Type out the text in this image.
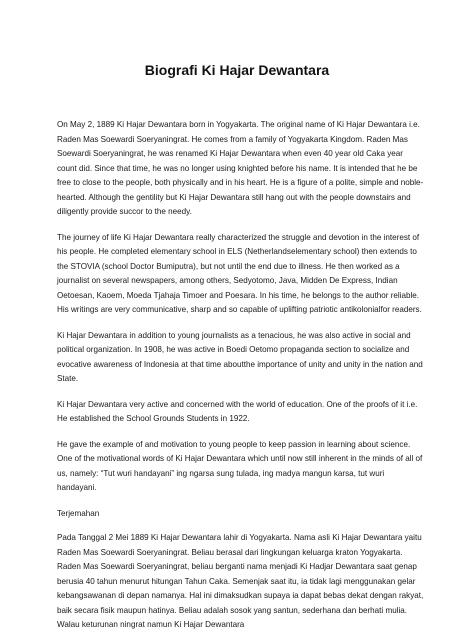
Biografi Ki Hajar Dewantara

On May 2, 1889 Ki Hajar Dewantara born in Yogyakarta. The original name of Ki Hajar Dewantara i.e. Raden Mas Soewardi Soeryaningrat. He comes from a family of Yogyakarta Kingdom. Raden Mas Soewardi Soeryaningrat, he was renamed Ki Hajar Dewantara when even 40 year old Caka year count did. Since that time, he was no longer using knighted before his name. It is intended that he be free to close to the people, both physically and in his heart. He is a figure of a polite, simple and noble-hearted. Although the gentility but Ki Hajar Dewantara still hang out with the people downstairs and diligently provide succor to the needy.

The journey of life Ki Hajar Dewantara really characterized the struggle and devotion in the interest of his people. He completed elementary school in ELS (Netherlandselementary school) then extends to the STOVIA (school Doctor Bumiputra), but not until the end due to illness. He then worked as a journalist on several newspapers, among others, Sedyotomo, Java, Midden De Express, Indian Oetoesan, Kaoem, Moeda Tjahaja Timoer and Poesara. In his time, he belongs to the author reliable. His writings are very communicative, sharp and so capable of uplifting patriotic antikolonialfor readers.

Ki Hajar Dewantara in addition to young journalists as a tenacious, he was also active in social and political organization. In 1908, he was active in Boedi Oetomo propaganda section to socialize and evocative awareness of Indonesia at that time aboutthe importance of unity and unity in the nation and State.

Ki Hajar Dewantara very active and concerned with the world of education. One of the proofs of it i.e. He established the School Grounds Students in 1922.

He gave the example of and motivation to young people to keep passion in learning about science. One of the motivational words of Ki Hajar Dewantara which until now still inherent in the minds of all of us, namely: “Tut wuri handayani” ing ngarsa sung tulada, ing madya mangun karsa, tut wuri handayani.

Terjemahan

Pada Tanggal 2 Mei 1889 Ki Hajar Dewantara lahir di Yogyakarta. Nama asli Ki Hajar Dewantara yaitu Raden Mas Soewardi Soeryaningrat. Beliau berasal dari lingkungan keluarga kraton Yogyakarta. Raden Mas Soewardi Soeryaningrat, beliau berganti nama menjadi Ki Hadjar Dewantara saat genap berusia 40 tahun menurut hitungan Tahun Caka. Semenjak saat itu, ia tidak lagi menggunakan gelar kebangsawanan di depan namanya. Hal ini dimaksudkan supaya ia dapat bebas dekat dengan rakyat, baik secara fisik maupun hatinya. Beliau adalah sosok yang santun, sederhana dan berhati mulia. Walau keturunan ningrat namun Ki Hajar Dewantara
